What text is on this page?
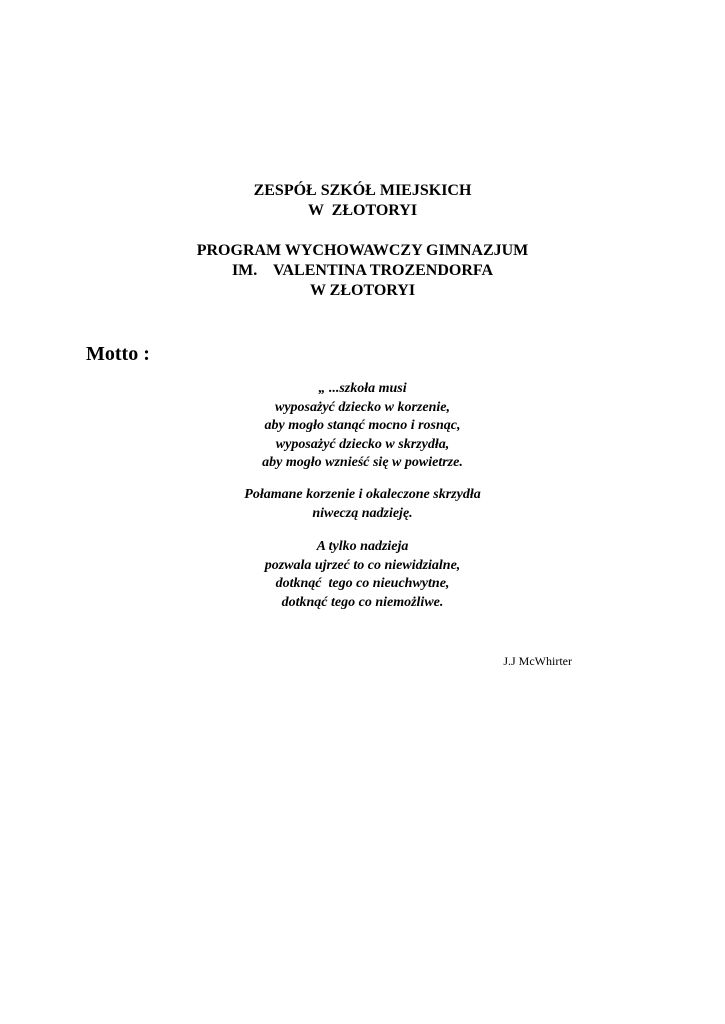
ZESPÓŁ SZKÓŁ MIEJSKICH
W  ZŁOTORYI
PROGRAM WYCHOWAWCZY GIMNAZJUM
IM.    VALENTINA TROZENDORFA
W ZŁOTORYI
Motto :
„ ...szkoła musi
wyposażyć dziecko w korzenie,
aby mogło stanąć mocno i rosnąc,
wyposażyć dziecko w skrzydła,
aby mogło wznieść się w powietrze.
Połamane korzenie i okaleczone skrzydła
niweczą nadzieję.
A tylko nadzieja
pozwala ujrzeć to co niewidzialne,
dotknąć  tego co nieuchwytne,
dotknąć tego co niemożliwe.
J.J McWhirter
